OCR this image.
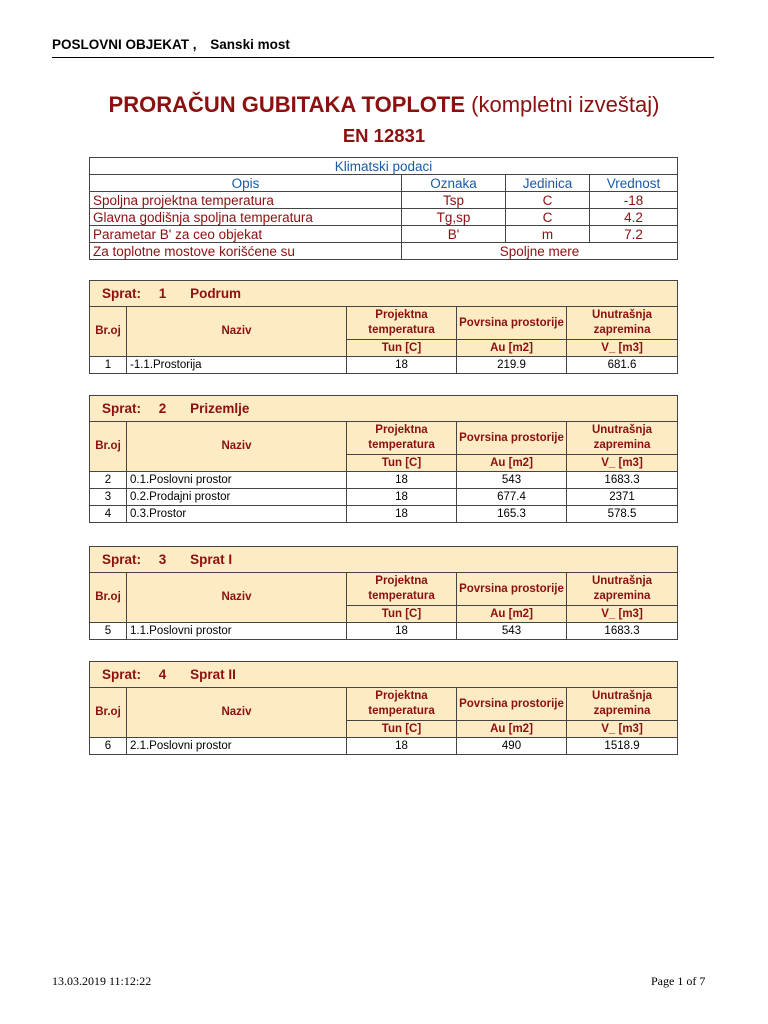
POSLOVNI OBJEKAT , Sanski most
PRORAČUN GUBITAKA TOPLOTE (kompletni izveštaj)
EN 12831
Klimatski podaci			
Opis	Oznaka	Jedinica	Vrednost
Spoljna projektna temperatura	Tsp	C	-18
Glavna godišnja spoljna temperatura	Tg,sp	C	4.2
Parametar B' za ceo objekat	B'	m	7.2
Za toplotne mostove korišćene su	Spoljne mere		
Sprat: 1 Podrum				
Br.oj	Naziv	Projektna temperatura	Povrsina prostorije	Unutrašnja zapremina
		Tun [C]	Au [m2]	V_ [m3]
1	-1.1.Prostorija	18	219.9	681.6
Sprat: 2 Prizemlje				
Br.oj	Naziv	Projektna temperatura	Povrsina prostorije	Unutrašnja zapremina
		Tun [C]	Au [m2]	V_ [m3]
2	0.1.Poslovni prostor	18	543	1683.3
3	0.2.Prodajni prostor	18	677.4	2371
4	0.3.Prostor	18	165.3	578.5
Sprat: 3 Sprat I				
Br.oj	Naziv	Projektna temperatura	Povrsina prostorije	Unutrašnja zapremina
		Tun [C]	Au [m2]	V_ [m3]
5	1.1.Poslovni prostor	18	543	1683.3
Sprat: 4 Sprat II				
Br.oj	Naziv	Projektna temperatura	Povrsina prostorije	Unutrašnja zapremina
		Tun [C]	Au [m2]	V_ [m3]
6	2.1.Poslovni prostor	18	490	1518.9
13.03.2019 11:12:22	Page 1 of 7
